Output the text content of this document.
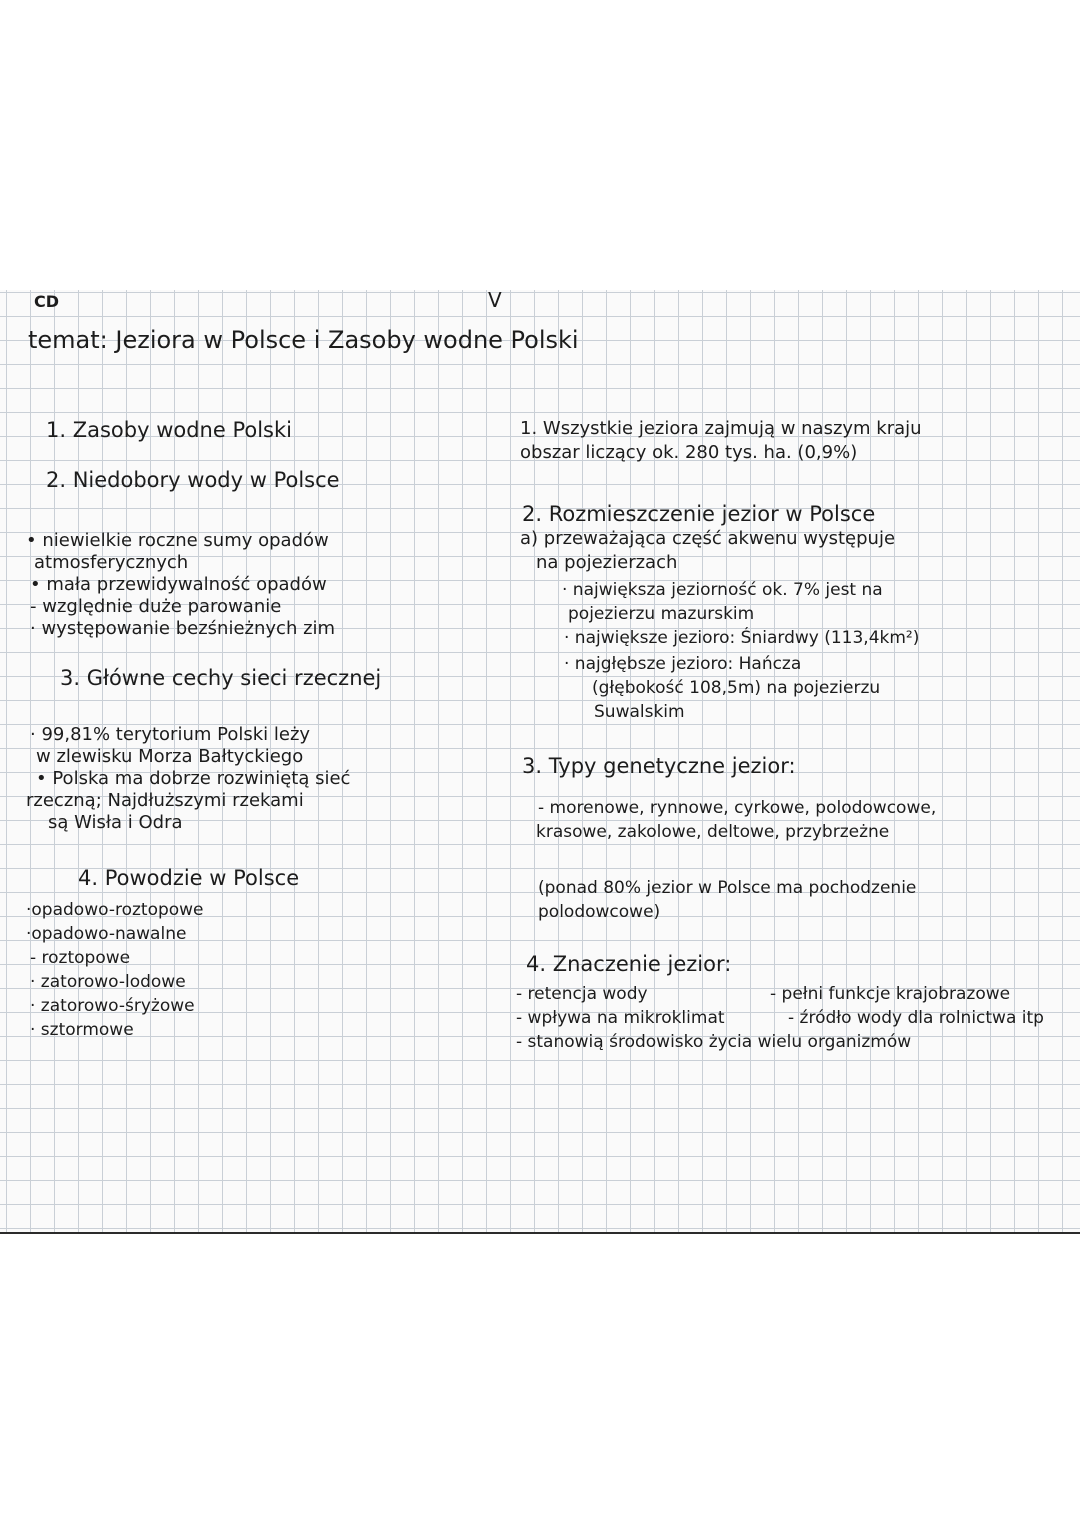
CD	V
temat: Jeziora w Polsce i Zasoby wodne Polski
1. Zasoby wodne Polski
2. Niedobory wody w Polsce
• niewielkie roczne sumy opadów
atmosferycznych
• mała przewidywalność opadów
- względnie duże parowanie
· występowanie bezśnieżnych zim
3. Główne cechy sieci rzecznej
· 99,81% terytorium Polski leży
w zlewisku Morza Bałtyckiego
• Polska ma dobrze rozwiniętą sieć
rzeczną; Najdłuższymi rzekami
są Wisła i Odra
4. Powodzie w Polsce
·opadowo-roztopowe
·opadowo-nawalne
- roztopowe
· zatorowo-lodowe
· zatorowo-śryżowe
· sztormowe
1. Wszystkie jeziora zajmują w naszym kraju
obszar liczący ok. 280 tys. ha. (0,9%)
2. Rozmieszczenie jezior w Polsce
a) przeważająca część akwenu występuje
na pojezierzach
· największa jeziorność ok. 7% jest na
pojezierzu mazurskim
· największe jezioro: Śniardwy (113,4km²)
· najgłębsze jezioro: Hańcza
(głębokość 108,5m) na pojezierzu
Suwalskim
3. Typy genetyczne jezior:
- morenowe, rynnowe, cyrkowe, polodowcowe,
krasowe, zakolowe, deltowe, przybrzeżne
(ponad 80% jezior w Polsce ma pochodzenie
polodowcowe)
4. Znaczenie jezior:
- retencja wody	- pełni funkcje krajobrazowe
- wpływa na mikroklimat	- źródło wody dla rolnictwa itp
- stanowią środowisko życia wielu organizmów
